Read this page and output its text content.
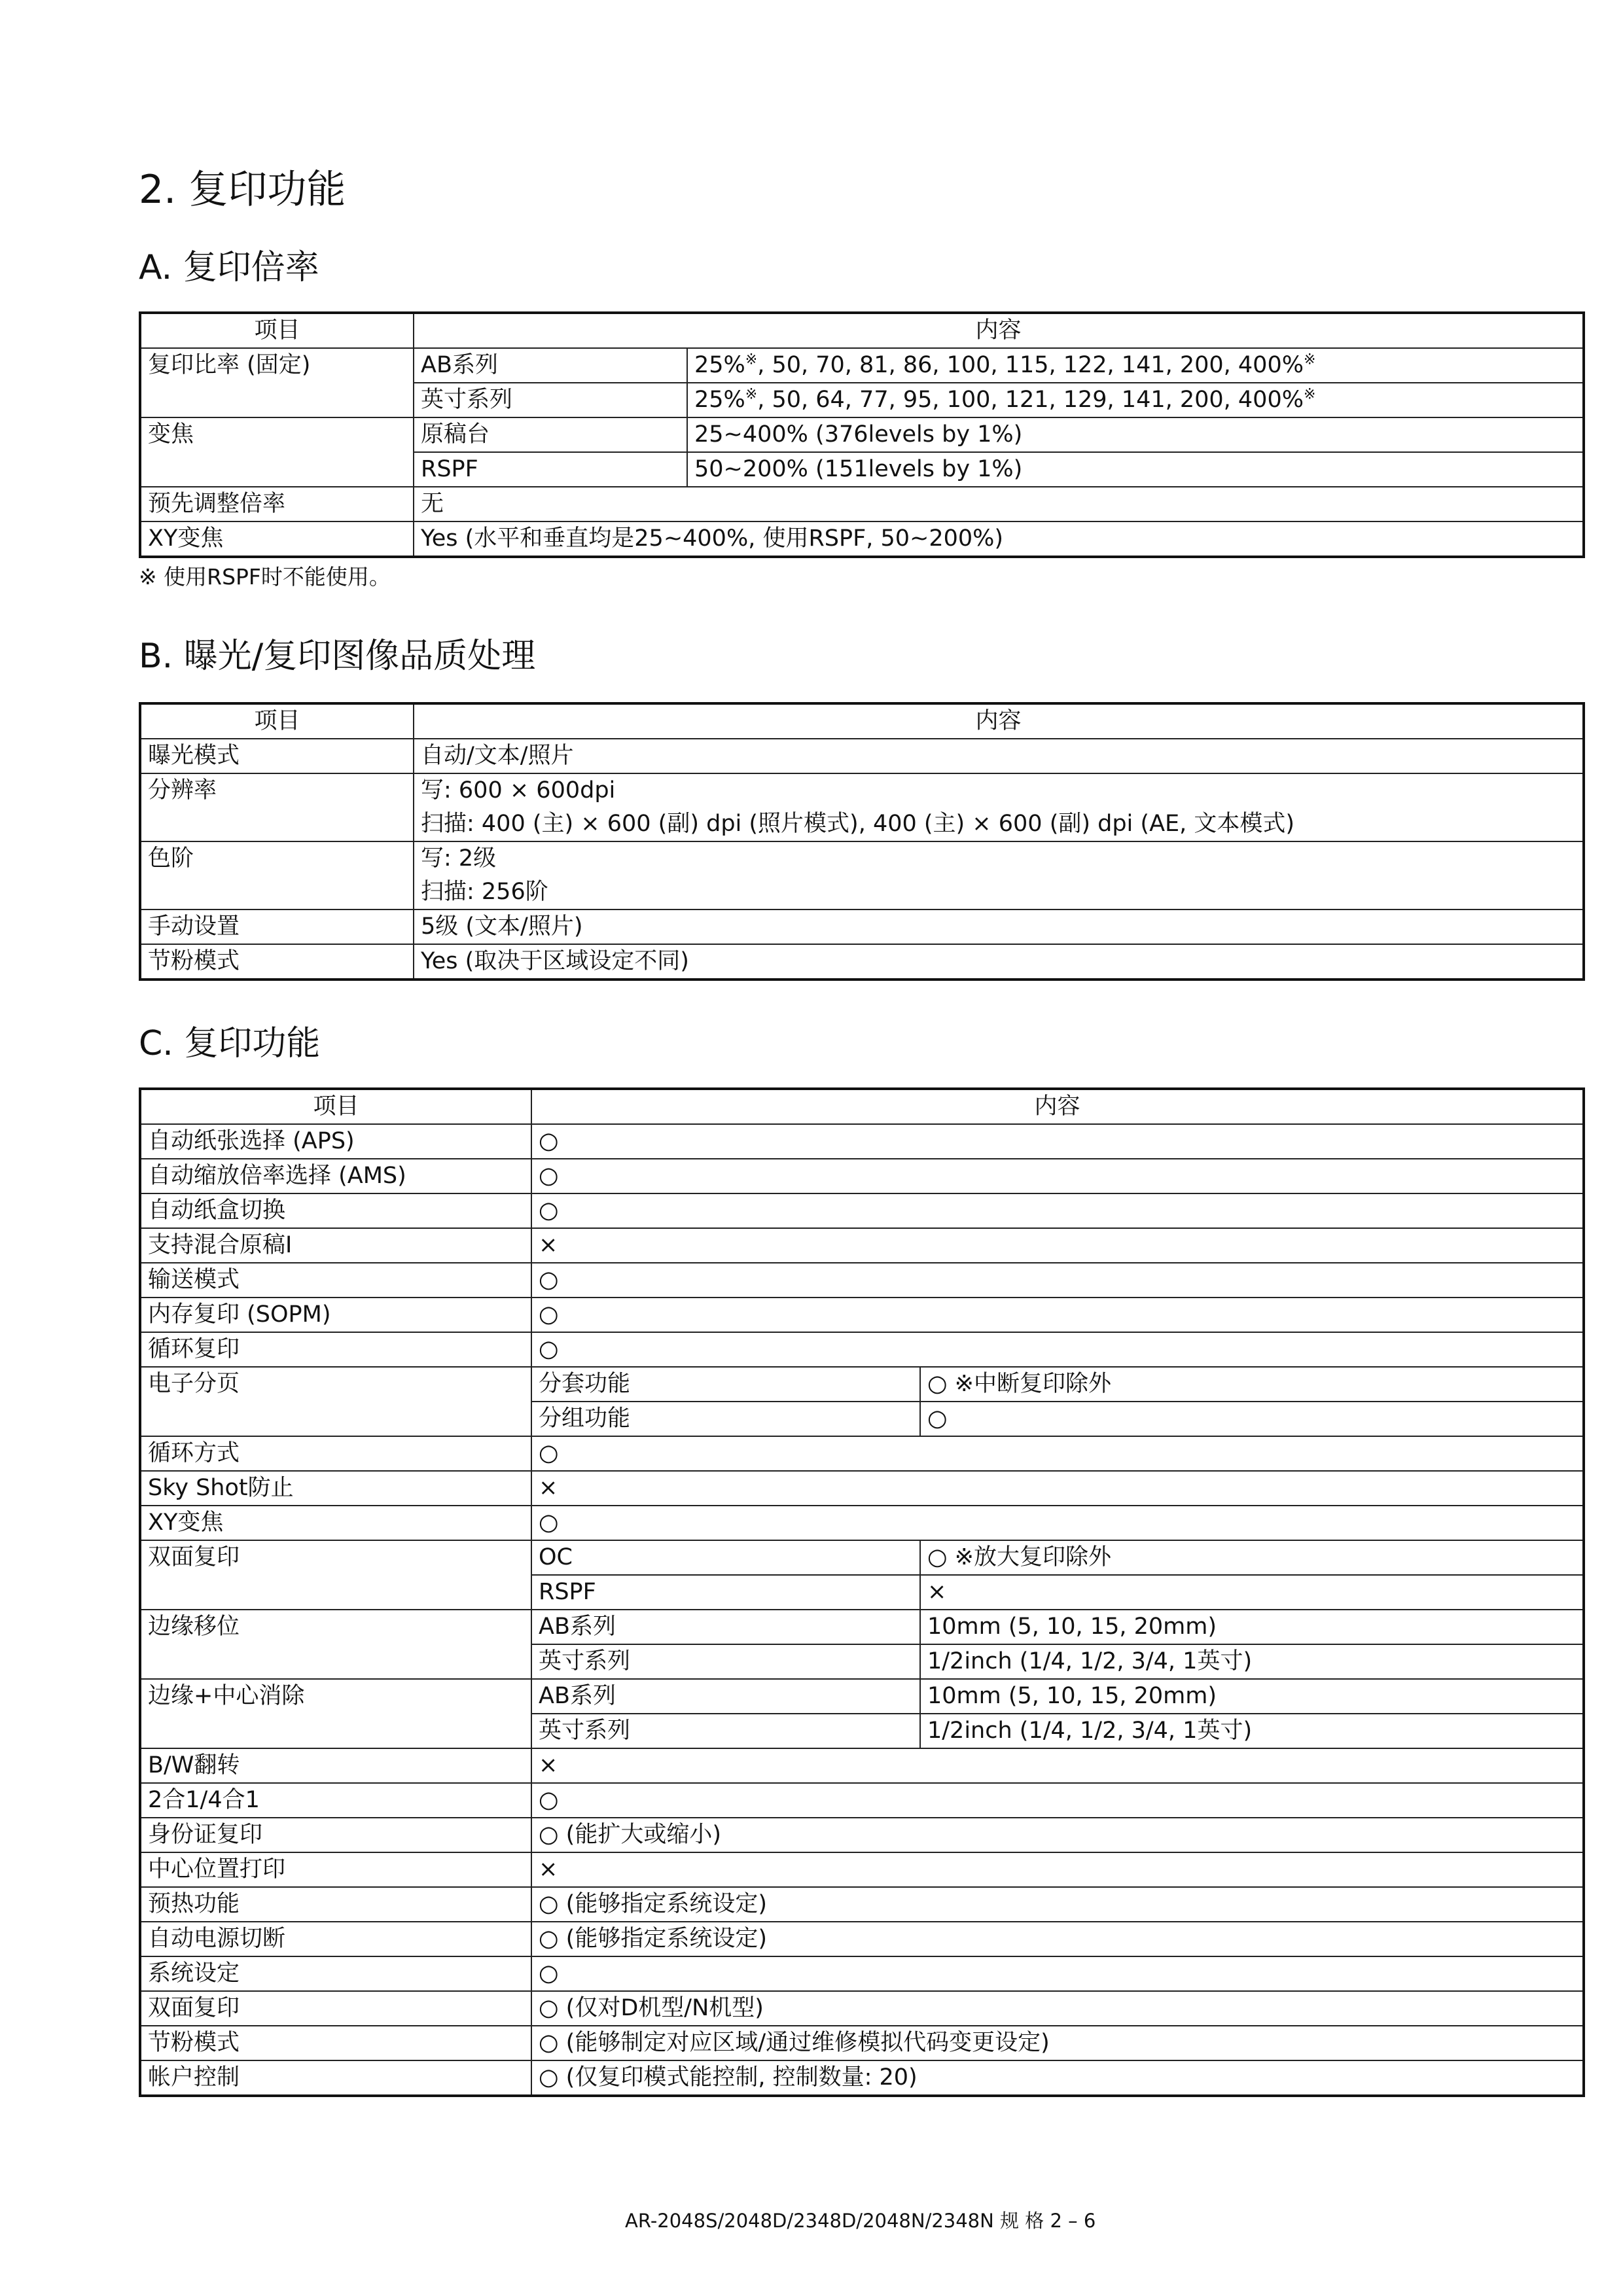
2. 复印功能
A. 复印倍率
项目	内容	
复印比率 (固定)	AB系列	25%※, 50, 70, 81, 86, 100, 115, 122, 141, 200, 400%※
	英寸系列	25%※, 50, 64, 77, 95, 100, 121, 129, 141, 200, 400%※
变焦	原稿台	25~400% (376levels by 1%)
	RSPF	50~200% (151levels by 1%)
预先调整倍率	无	
XY变焦	Yes (水平和垂直均是25~400%, 使用RSPF, 50~200%)	
※ 使用RSPF时不能使用。
B. 曝光/复印图像品质处理
项目	内容
曝光模式	自动/文本/照片

分辨率	写: 600 × 600dpi
扫描: 400 (主) × 600 (副) dpi (照片模式), 400 (主) × 600 (副) dpi (AE, 文本模式)

色阶	写: 2级
扫描: 256阶

手动设置	5级 (文本/照片)

节粉模式	Yes (取决于区域设定不同)
C. 复印功能
项目	内容	
自动纸张选择 (APS)	○	
自动缩放倍率选择 (AMS)	○	
自动纸盒切换	○	
支持混合原稿I	×	
输送模式	○	
内存复印 (SOPM)	○	
循环复印	○	
电子分页	分套功能	○ ※中断复印除外
	分组功能	○
循环方式	○	
Sky Shot防止	×	
XY变焦	○	
双面复印	OC	○ ※放大复印除外
	RSPF	×
边缘移位	AB系列	10mm (5, 10, 15, 20mm)
	英寸系列	1/2inch (1/4, 1/2, 3/4, 1英寸)
边缘+中心消除	AB系列	10mm (5, 10, 15, 20mm)
	英寸系列	1/2inch (1/4, 1/2, 3/4, 1英寸)
B/W翻转	×	
2合1/4合1	○	
身份证复印	○ (能扩大或缩小)	
中心位置打印	×	
预热功能	○ (能够指定系统设定)	
自动电源切断	○ (能够指定系统设定)	
系统设定	○	
双面复印	○ (仅对D机型/N机型)	
节粉模式	○ (能够制定对应区域/通过维修模拟代码变更设定)	
帐户控制	○ (仅复印模式能控制, 控制数量: 20)	
AR-2048S/2048D/2348D/2048N/2348N 规 格 2 – 6
